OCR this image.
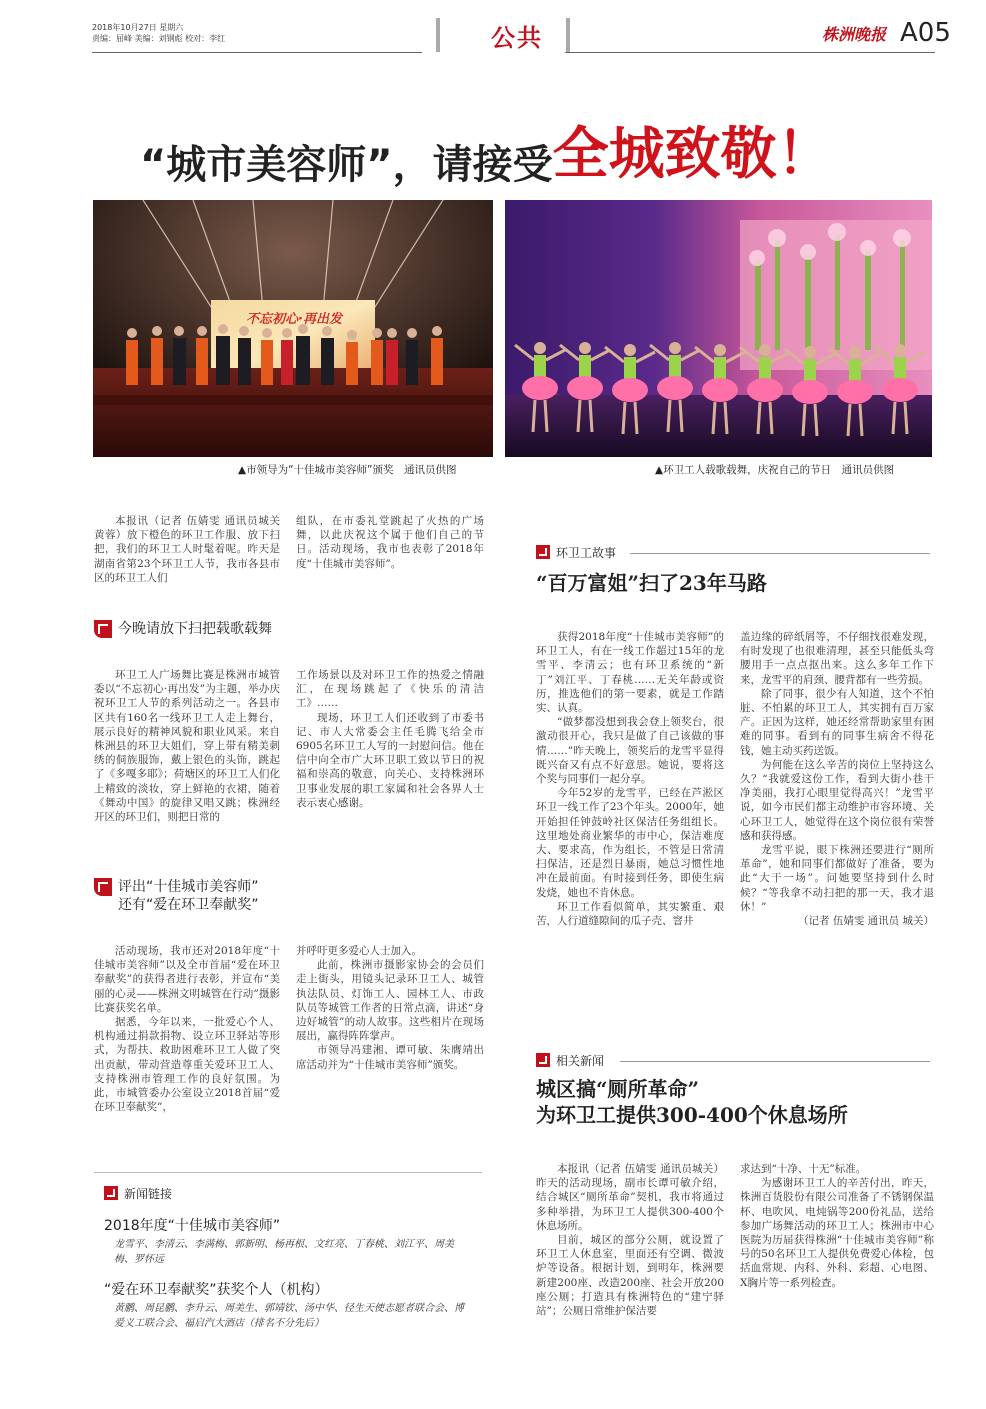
2018年10月27日 星期六
责编：屈峰 美编：刘钢彪 校对：李红	公共	株洲晚报 A05
“城市美容师”，请接受全城致敬！
不忘初心·再出发
▲市领导为“十佳城市美容师”颁奖　通讯员供图	▲环卫工人载歌载舞，庆祝自己的节日　通讯员供图

本报讯（记者 伍婧雯 通讯员城关 黄蓉）放下橙色的环卫工作服、放下扫把，我们的环卫工人时髦着呢。昨天是湖南省第23个环卫工人节，我市各县市区的环卫工人们

组队，在市委礼堂跳起了火热的广场舞，以此庆祝这个属于他们自己的节日。活动现场，我市也表彰了2018年度“十佳城市美容师”。

今晚请放下扫把载歌载舞

环卫工人广场舞比赛是株洲市城管委以“不忘初心·再出发”为主题，举办庆祝环卫工人节的系列活动之一。各县市区共有160名一线环卫工人走上舞台，展示良好的精神风貌和职业风采。来自株洲县的环卫大姐们，穿上带有精美刺绣的侗族服饰，戴上银色的头饰，跳起了《多嘎多耶》；荷塘区的环卫工人们化上精致的淡妆，穿上鲜艳的衣裙，随着《舞动中国》的旋律又唱又跳；株洲经开区的环卫们，则把日常的

工作场景以及对环卫工作的热爱之情融汇，在现场跳起了《快乐的清洁工》……

现场，环卫工人们还收到了市委书记、市人大常委会主任毛腾飞给全市6905名环卫工人写的一封慰问信。他在信中向全市广大环卫职工致以节日的祝福和崇高的敬意，向关心、支持株洲环卫事业发展的职工家属和社会各界人士表示衷心感谢。

评出“十佳城市美容师”
还有“爱在环卫奉献奖”

活动现场，我市还对2018年度“十佳城市美容师”以及全市首届“爱在环卫奉献奖”的获得者进行表彰，并宣布“美丽的心灵——株洲文明城管在行动”摄影比赛获奖名单。

据悉，今年以来，一批爱心个人、机构通过捐款捐物、设立环卫驿站等形式，为帮扶、救助困难环卫工人做了突出贡献，带动营造尊重关爱环卫工人、支持株洲市管理工作的良好氛围。为此，市城管委办公室设立2018首届“爱在环卫奉献奖”，

并呼吁更多爱心人士加入。

此前，株洲市摄影家协会的会员们走上街头，用镜头记录环卫工人、城管执法队员、灯饰工人、园林工人、市政队员等城管工作者的日常点滴，讲述“身边好城管”的动人故事。这些相片在现场展出，赢得阵阵掌声。

市领导冯建湘、谭可敏、朱膺靖出席活动并为“十佳城市美容师”颁奖。

环卫工故事
“百万富姐”扫了23年马路

获得2018年度“十佳城市美容师”的环卫工人，有在一线工作超过15年的龙雪平、李清云；也有环卫系统的“新丁”刘江平、丁春桃……无关年龄或资历，推选他们的第一要素，就是工作踏实、认真。

“做梦都没想到我会登上领奖台，很激动很开心，我只是做了自己该做的事情……”昨天晚上，领奖后的龙雪平显得既兴奋又有点不好意思。她说，要将这个奖与同事们一起分享。

今年52岁的龙雪平，已经在芦淞区环卫一线工作了23个年头。2000年，她开始担任钟鼓岭社区保洁任务组组长。这里地处商业繁华的市中心，保洁难度大、要求高，作为组长，不管是日常清扫保洁，还是烈日暴雨，她总习惯性地冲在最前面。有时接到任务，即使生病发烧，她也不肯休息。

环卫工作看似简单，其实繁重、艰苦，人行道缝隙间的瓜子壳、窨井

盖边缘的碎纸屑等，不仔细找很难发现，有时发现了也很难清理，甚至只能低头弯腰用手一点点抠出来。这么多年工作下来，龙雪平的肩颈、腰背都有一些劳损。

除了同事，很少有人知道，这个不怕脏、不怕累的环卫工人，其实拥有百万家产。正因为这样，她还经常帮助家里有困难的同事。看到有的同事生病舍不得花钱，她主动买药送饭。

为何能在这么辛苦的岗位上坚持这么久？“我就爱这份工作，看到大街小巷干净美丽，我打心眼里觉得高兴！”龙雪平说，如今市民们都主动维护市容环境、关心环卫工人，她觉得在这个岗位很有荣誉感和获得感。

龙雪平说，眼下株洲还要进行“厕所革命”，她和同事们都做好了准备，要为此“大干一场”。问她要坚持到什么时候？“等我拿不动扫把的那一天，我才退休！”

（记者 伍婧雯 通讯员 城关）

相关新闻
城区搞“厕所革命”
为环卫工提供300-400个休息场所

本报讯（记者 伍婧雯 通讯员城关）昨天的活动现场，副市长谭可敏介绍，结合城区“厕所革命”契机，我市将通过多种举措，为环卫工人提供300-400个休息场所。

目前，城区的部分公厕，就设置了环卫工人休息室，里面还有空调、微波炉等设备。根据计划，到明年，株洲要新建200座、改造200座、社会开放200座公厕；打造具有株洲特色的“建宁驿站”；公厕日常维护保洁要

求达到“十净、十无”标准。

为感谢环卫工人的辛苦付出，昨天，株洲百货股份有限公司准备了不锈钢保温杯、电吹风、电炖锅等200份礼品，送给参加广场舞活动的环卫工人；株洲市中心医院为历届获得株洲“十佳城市美容师”称号的50名环卫工人提供免费爱心体检，包括血常规、内科、外科、彩超、心电图、X胸片等一系列检查。

新闻链接
2018年度“十佳城市美容师”
龙雪平、李清云、李满梅、郭新明、杨再根、文红亮、丁春桃、刘江平、周美梅、罗怀远
“爱在环卫奉献奖”获奖个人（机构）
黄鹏、周昆鹏、李升云、周美生、郭靖钦、汤中华、径生天使志愿者联合会、博爱义工联合会、福启汽大酒店（排名不分先后）
